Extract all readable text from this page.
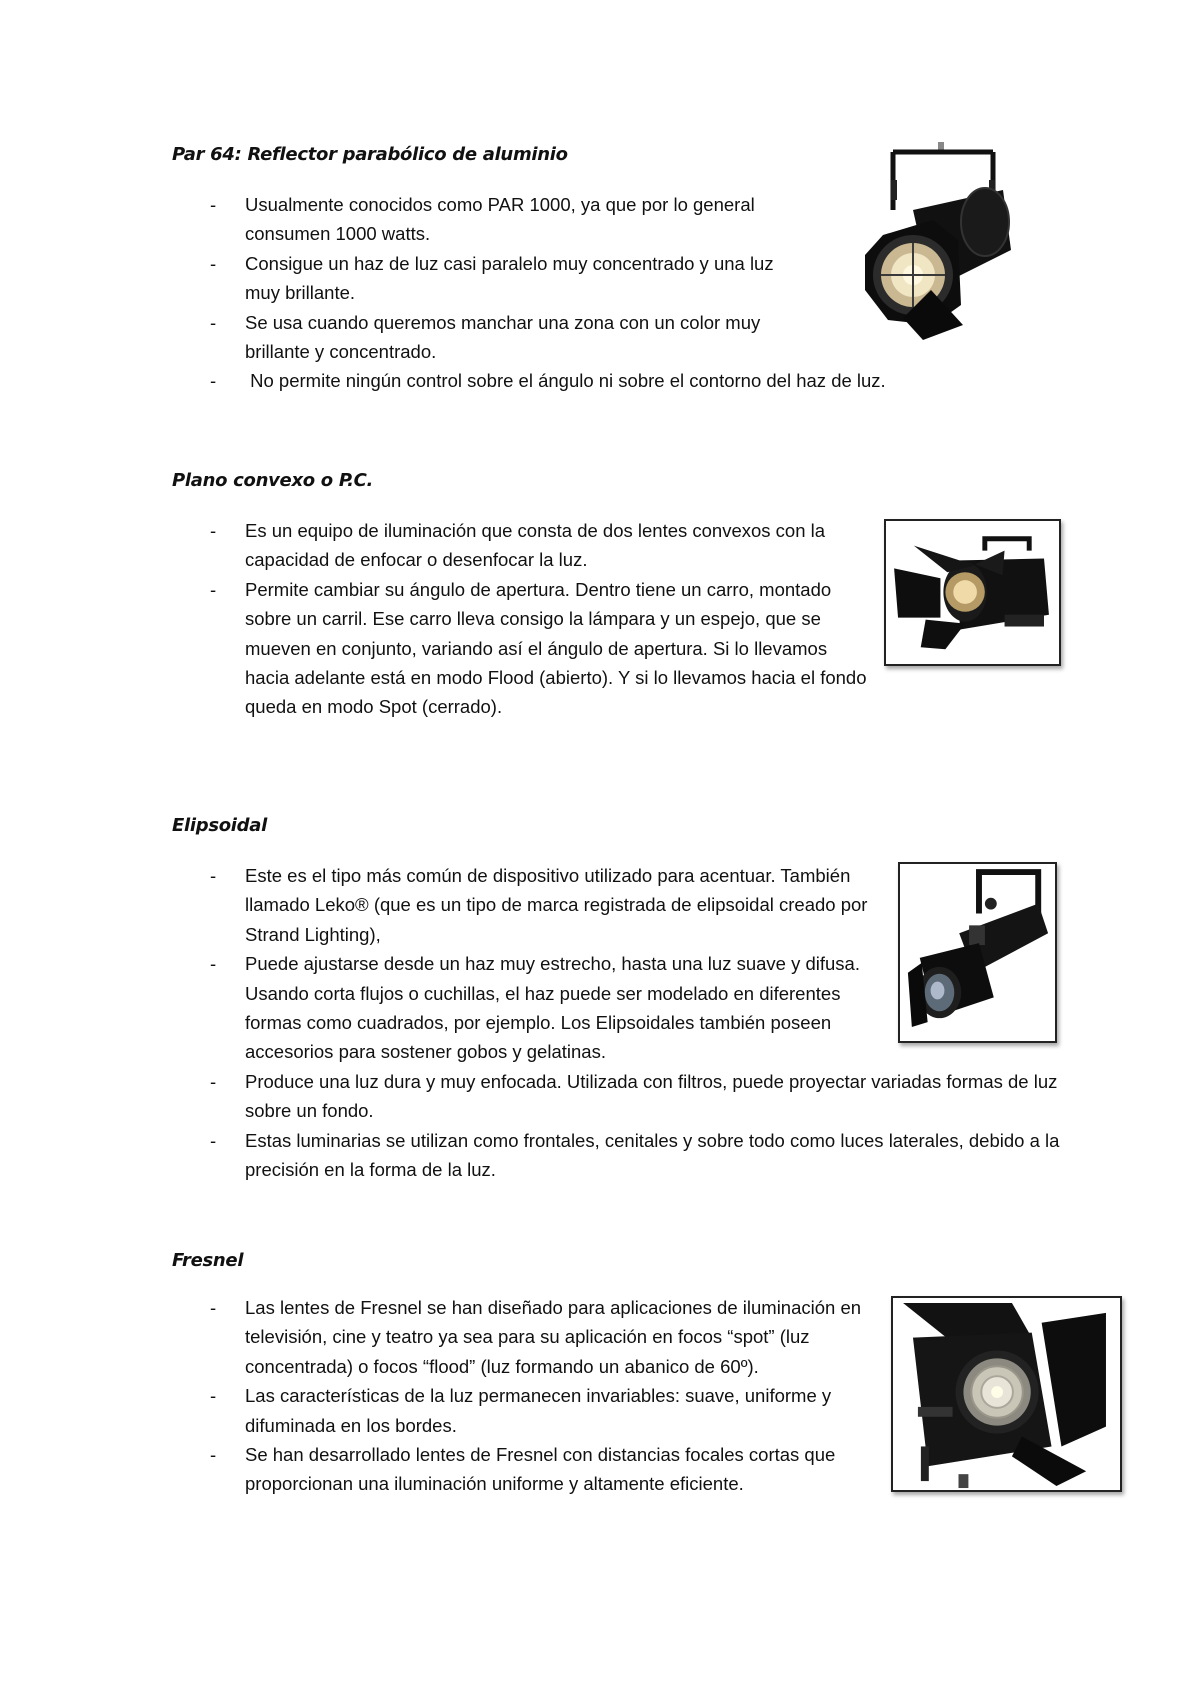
Par 64: Reflector parabólico de aluminio
- Usualmente conocidos como PAR 1000, ya que por lo general consumen 1000 watts.
- Consigue un haz de luz casi paralelo muy concentrado y una luz muy brillante.
- Se usa cuando queremos manchar una zona con un color muy brillante y concentrado.
- No permite ningún control sobre el ángulo ni sobre el contorno del haz de luz.
Plano convexo o P.C.
- Es un equipo de iluminación que consta de dos lentes convexos con la capacidad de enfocar o desenfocar la luz.
- Permite cambiar su ángulo de apertura. Dentro tiene un carro, montado sobre un carril. Ese carro lleva consigo la lámpara y un espejo, que se mueven en conjunto, variando así el ángulo de apertura. Si lo llevamos hacia adelante está en modo Flood (abierto). Y si lo llevamos hacia el fondo queda en modo Spot (cerrado).
Elipsoidal
- Este es el tipo más común de dispositivo utilizado para acentuar. También llamado Leko® (que es un tipo de marca registrada de elipsoidal creado por Strand Lighting),
- Puede ajustarse desde un haz muy estrecho, hasta una luz suave y difusa. Usando corta flujos o cuchillas, el haz puede ser modelado en diferentes formas como cuadrados, por ejemplo. Los Elipsoidales también poseen accesorios para sostener gobos y gelatinas.
- Produce una luz dura y muy enfocada. Utilizada con filtros, puede proyectar variadas formas de luz sobre un fondo.
- Estas luminarias se utilizan como frontales, cenitales y sobre todo como luces laterales, debido a la precisión en la forma de la luz.
Fresnel
- Las lentes de Fresnel se han diseñado para aplicaciones de iluminación en televisión, cine y teatro ya sea para su aplicación en focos “spot” (luz concentrada) o focos “flood” (luz formando un abanico de 60º).
- Las características de la luz permanecen invariables: suave, uniforme y difuminada en los bordes.
- Se han desarrollado lentes de Fresnel con distancias focales cortas que proporcionan una iluminación uniforme y altamente eficiente.
